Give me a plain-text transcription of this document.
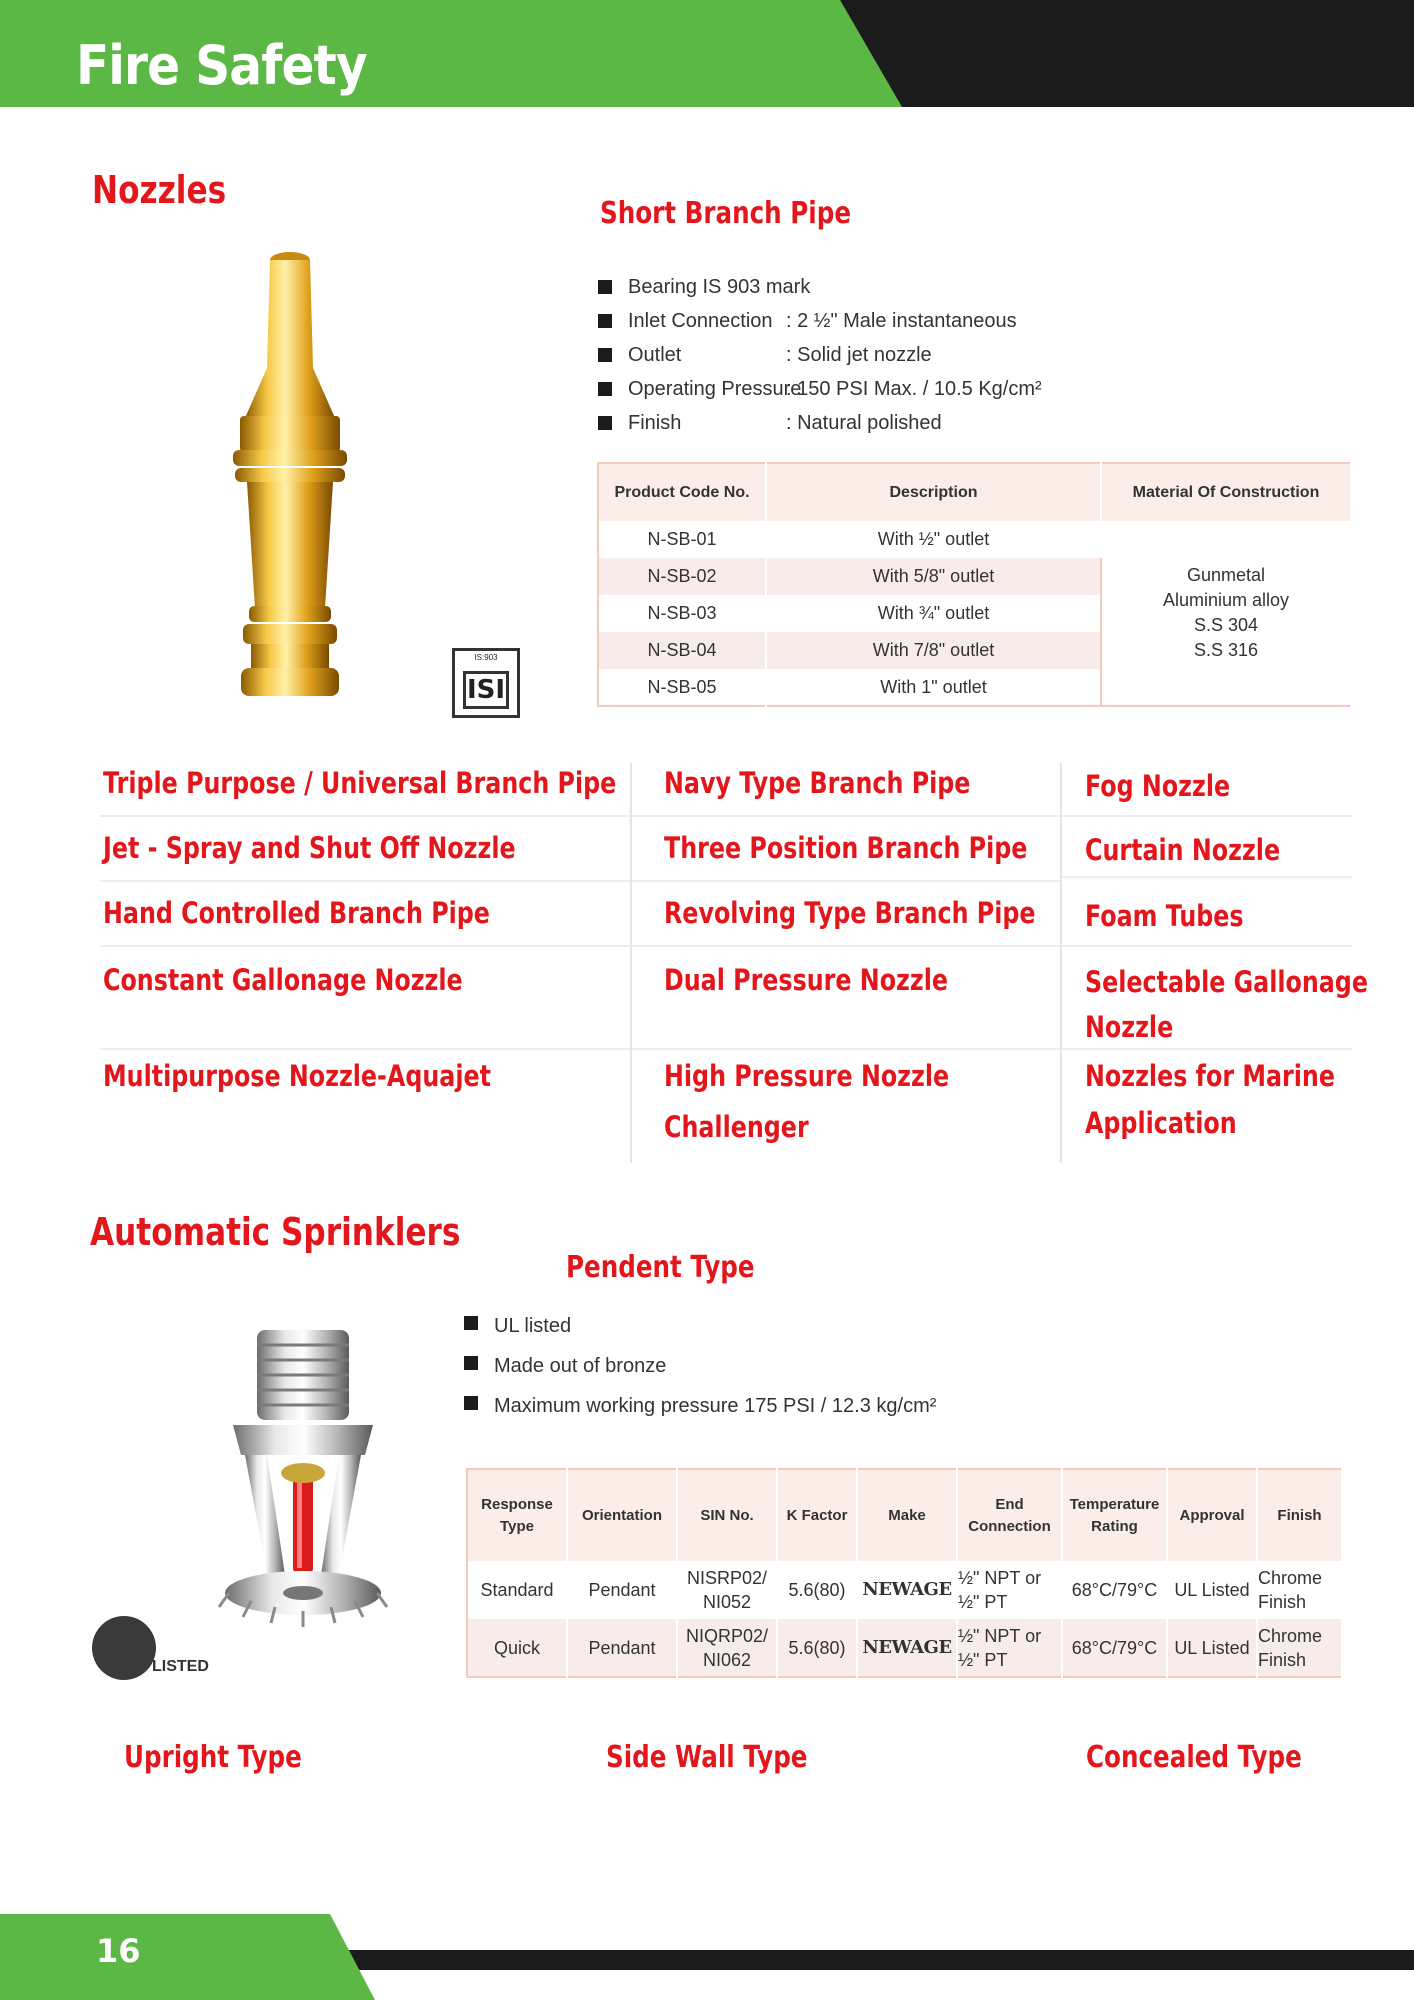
Fire Safety
Nozzles
IS:903
ISI
Short Branch Pipe
Bearing IS 903 mark
Inlet Connection : 2 ½" Male instantaneous
Outlet	: Solid jet nozzle
Operating Pressure: 150 PSI Max. / 10.5 Kg/cm²
Finish	: Natural polished
Product Code No.	Description	Material Of Construction
N-SB-01	With ½" outlet	Gunmetal
Aluminium alloy
S.S 304
S.S 316

N-SB-02	With 5/8" outlet	
N-SB-03	With ¾" outlet	
N-SB-04	With 7/8" outlet	
N-SB-05	With 1" outlet	
Triple Purpose / Universal Branch Pipe
Jet - Spray and Shut Off Nozzle
Hand Controlled Branch Pipe
Constant Gallonage Nozzle
Multipurpose Nozzle-Aquajet
Navy Type Branch Pipe
Three Position Branch Pipe
Revolving Type Branch Pipe
Dual Pressure Nozzle
High Pressure Nozzle
Challenger
Fog Nozzle
Curtain Nozzle
Foam Tubes
Selectable Gallonage
Nozzle
Nozzles for Marine
Application
Automatic Sprinklers
Pendent Type
LISTED
UL listed
Made out of bronze
Maximum working pressure 175 PSI / 12.3 kg/cm²
Response Type	Orientation	SIN No.	K Factor	Make	End Connection	Temperature Rating	Approval	Finish
Standard	Pendant	NISRP02/ NI052	5.6(80)	NEWAGE	½" NPT or ½" PT	68°C/79°C	UL Listed	Chrome Finish
Quick	Pendant	NIQRP02/ NI062	5.6(80)	NEWAGE	½" NPT or ½" PT	68°C/79°C	UL Listed	Chrome Finish
Upright Type	Side Wall Type	Concealed Type
16
